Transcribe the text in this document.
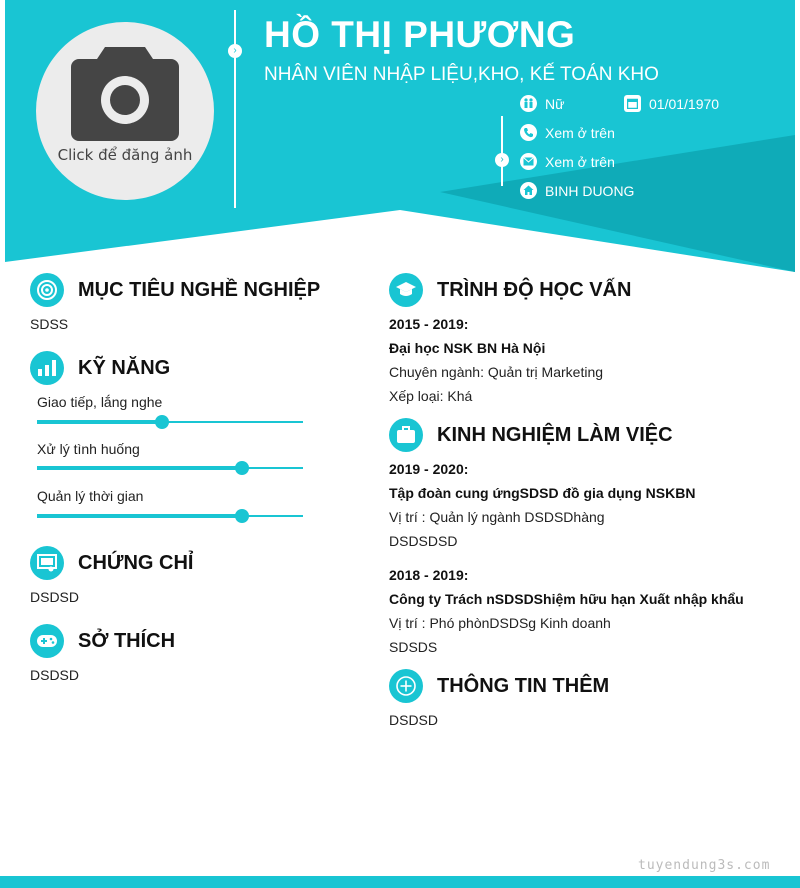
Click để đăng ảnh
› HỒ THỊ PHƯƠNG
NHÂN VIÊN NHẬP LIỆU,KHO, KẾ TOÁN KHO
Nữ	01/01/1970
›
Xem ở trên
Xem ở trên
BINH DUONG
MỤC TIÊU NGHỀ NGHIỆP
SDSS
KỸ NĂNG
Giao tiếp, lắng nghe
Xử lý tình huống
Quản lý thời gian
CHỨNG CHỈ
DSDSD
SỞ THÍCH
DSDSD
TRÌNH ĐỘ HỌC VẤN
2015 - 2019:
Đại học NSK BN Hà Nội
Chuyên ngành: Quản trị Marketing
Xếp loại: Khá
KINH NGHIỆM LÀM VIỆC
2019 - 2020:
Tập đoàn cung ứngSDSD đồ gia dụng NSKBN
Vị trí : Quản lý ngành DSDSDhàng
DSDSDSD
2018 - 2019:
Công ty Trách nSDSDShiệm hữu hạn Xuất nhập khẩu
Vị trí : Phó phònDSDSg Kinh doanh
SDSDS
THÔNG TIN THÊM
DSDSD
tuyendung3s.com
